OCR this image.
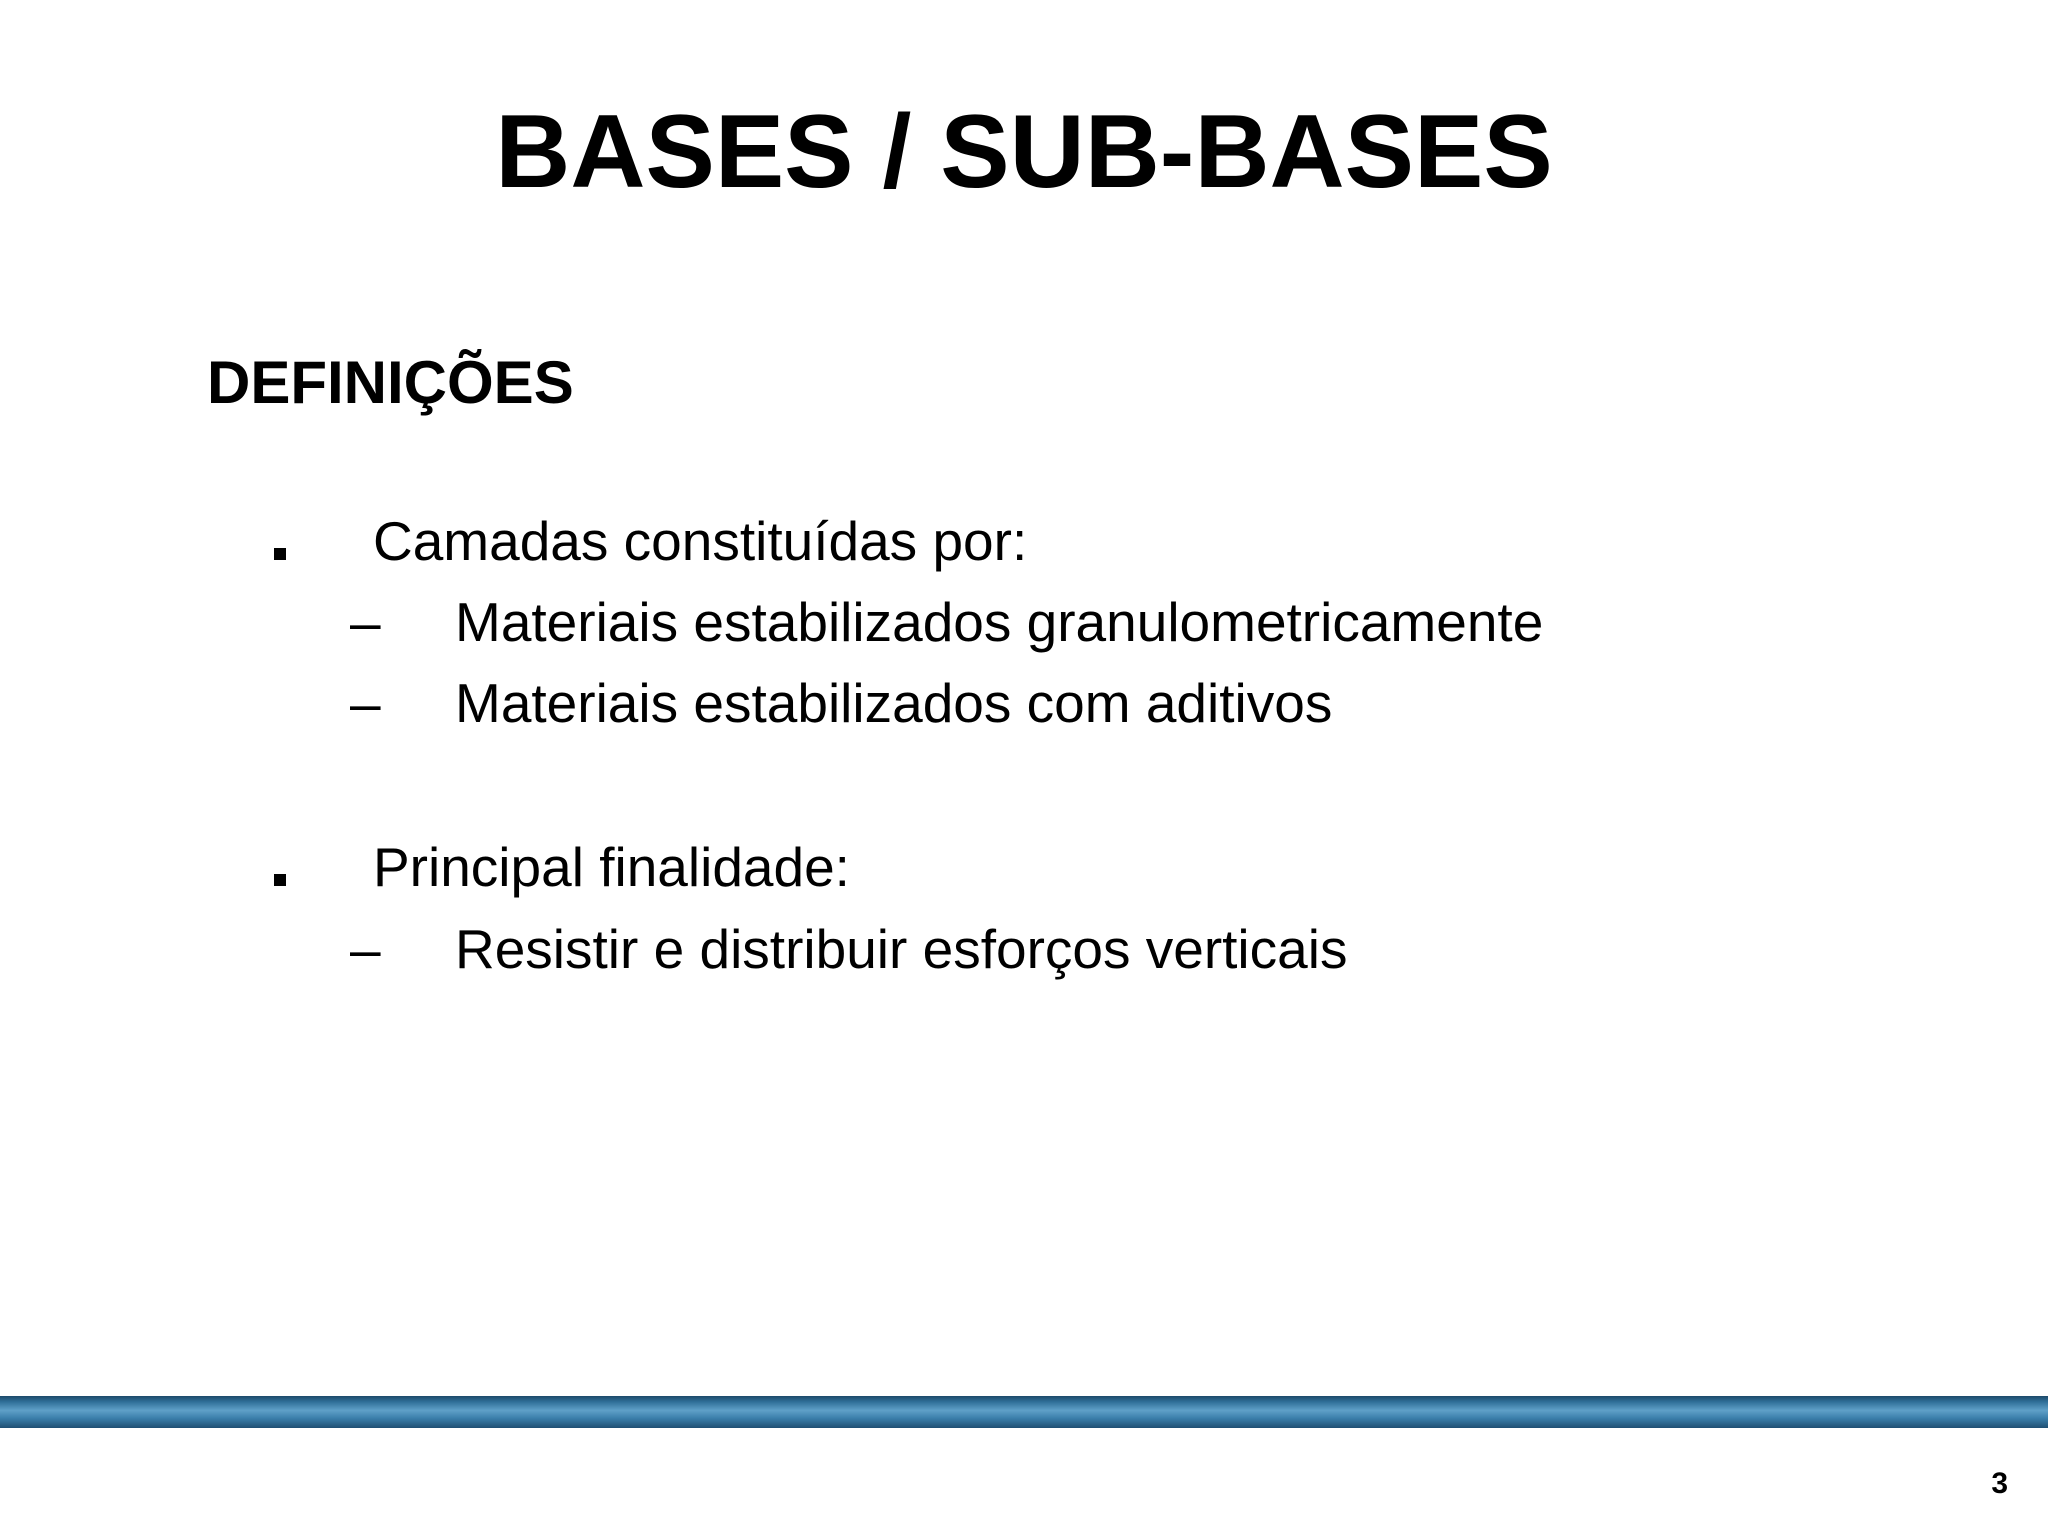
BASES / SUB-BASES
DEFINIÇÕES
Camadas constituídas por:
– Materiais estabilizados granulometricamente
– Materiais estabilizados com aditivos
Principal finalidade:
– Resistir e distribuir esforços verticais
3
